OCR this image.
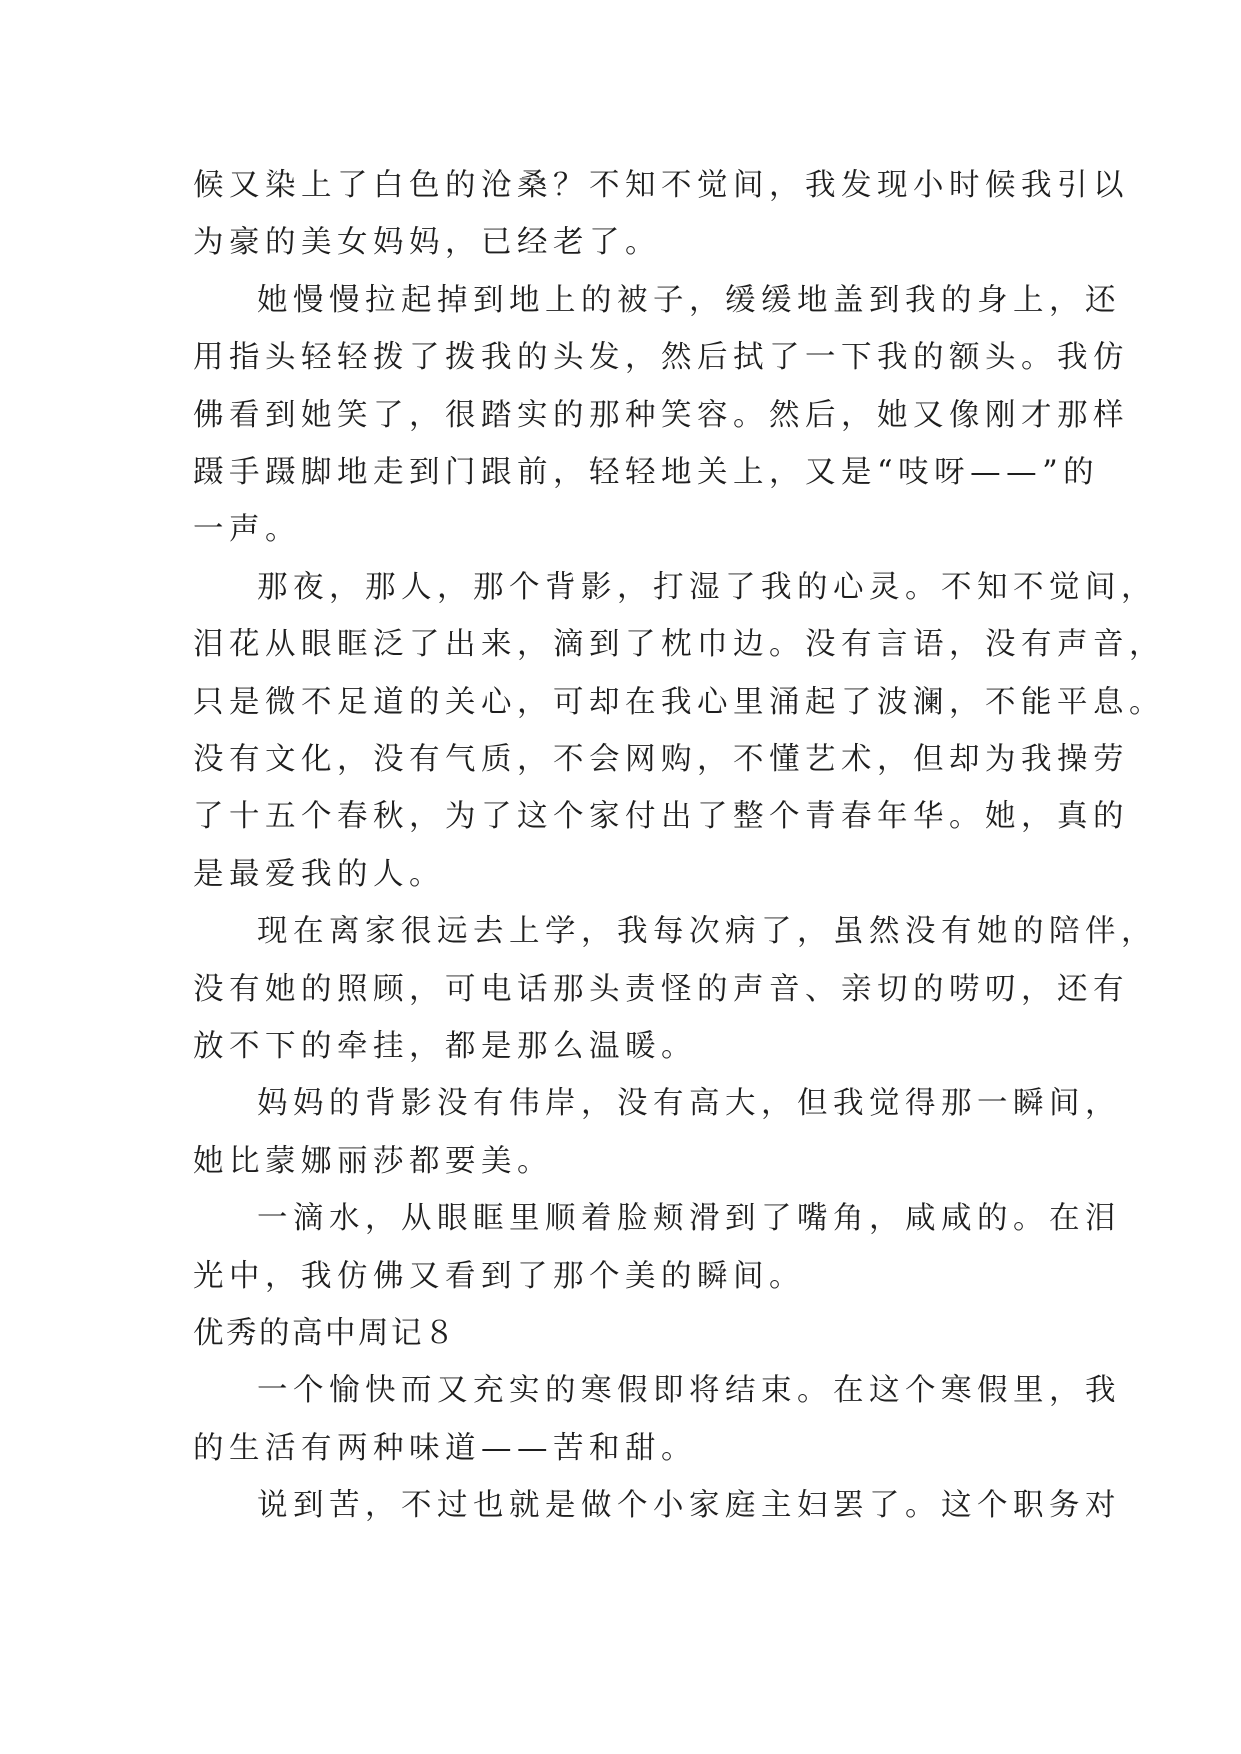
候又染上了白色的沧桑？不知不觉间，我发现小时候我引以
为豪的美女妈妈，已经老了。
她慢慢拉起掉到地上的被子，缓缓地盖到我的身上，还
用指头轻轻拨了拨我的头发，然后拭了一下我的额头。我仿
佛看到她笑了，很踏实的那种笑容。然后，她又像刚才那样
蹑手蹑脚地走到门跟前，轻轻地关上，又是“吱呀——”的
一声。
那夜，那人，那个背影，打湿了我的心灵。不知不觉间，
泪花从眼眶泛了出来，滴到了枕巾边。没有言语，没有声音，
只是微不足道的关心，可却在我心里涌起了波澜，不能平息。
没有文化，没有气质，不会网购，不懂艺术，但却为我操劳
了十五个春秋，为了这个家付出了整个青春年华。她，真的
是最爱我的人。
现在离家很远去上学，我每次病了，虽然没有她的陪伴，
没有她的照顾，可电话那头责怪的声音、亲切的唠叨，还有
放不下的牵挂，都是那么温暖。
妈妈的背影没有伟岸，没有高大，但我觉得那一瞬间，
她比蒙娜丽莎都要美。
一滴水，从眼眶里顺着脸颊滑到了嘴角，咸咸的。在泪
光中，我仿佛又看到了那个美的瞬间。
优秀的高中周记８
一个愉快而又充实的寒假即将结束。在这个寒假里，我
的生活有两种味道——苦和甜。
说到苦，不过也就是做个小家庭主妇罢了。这个职务对
